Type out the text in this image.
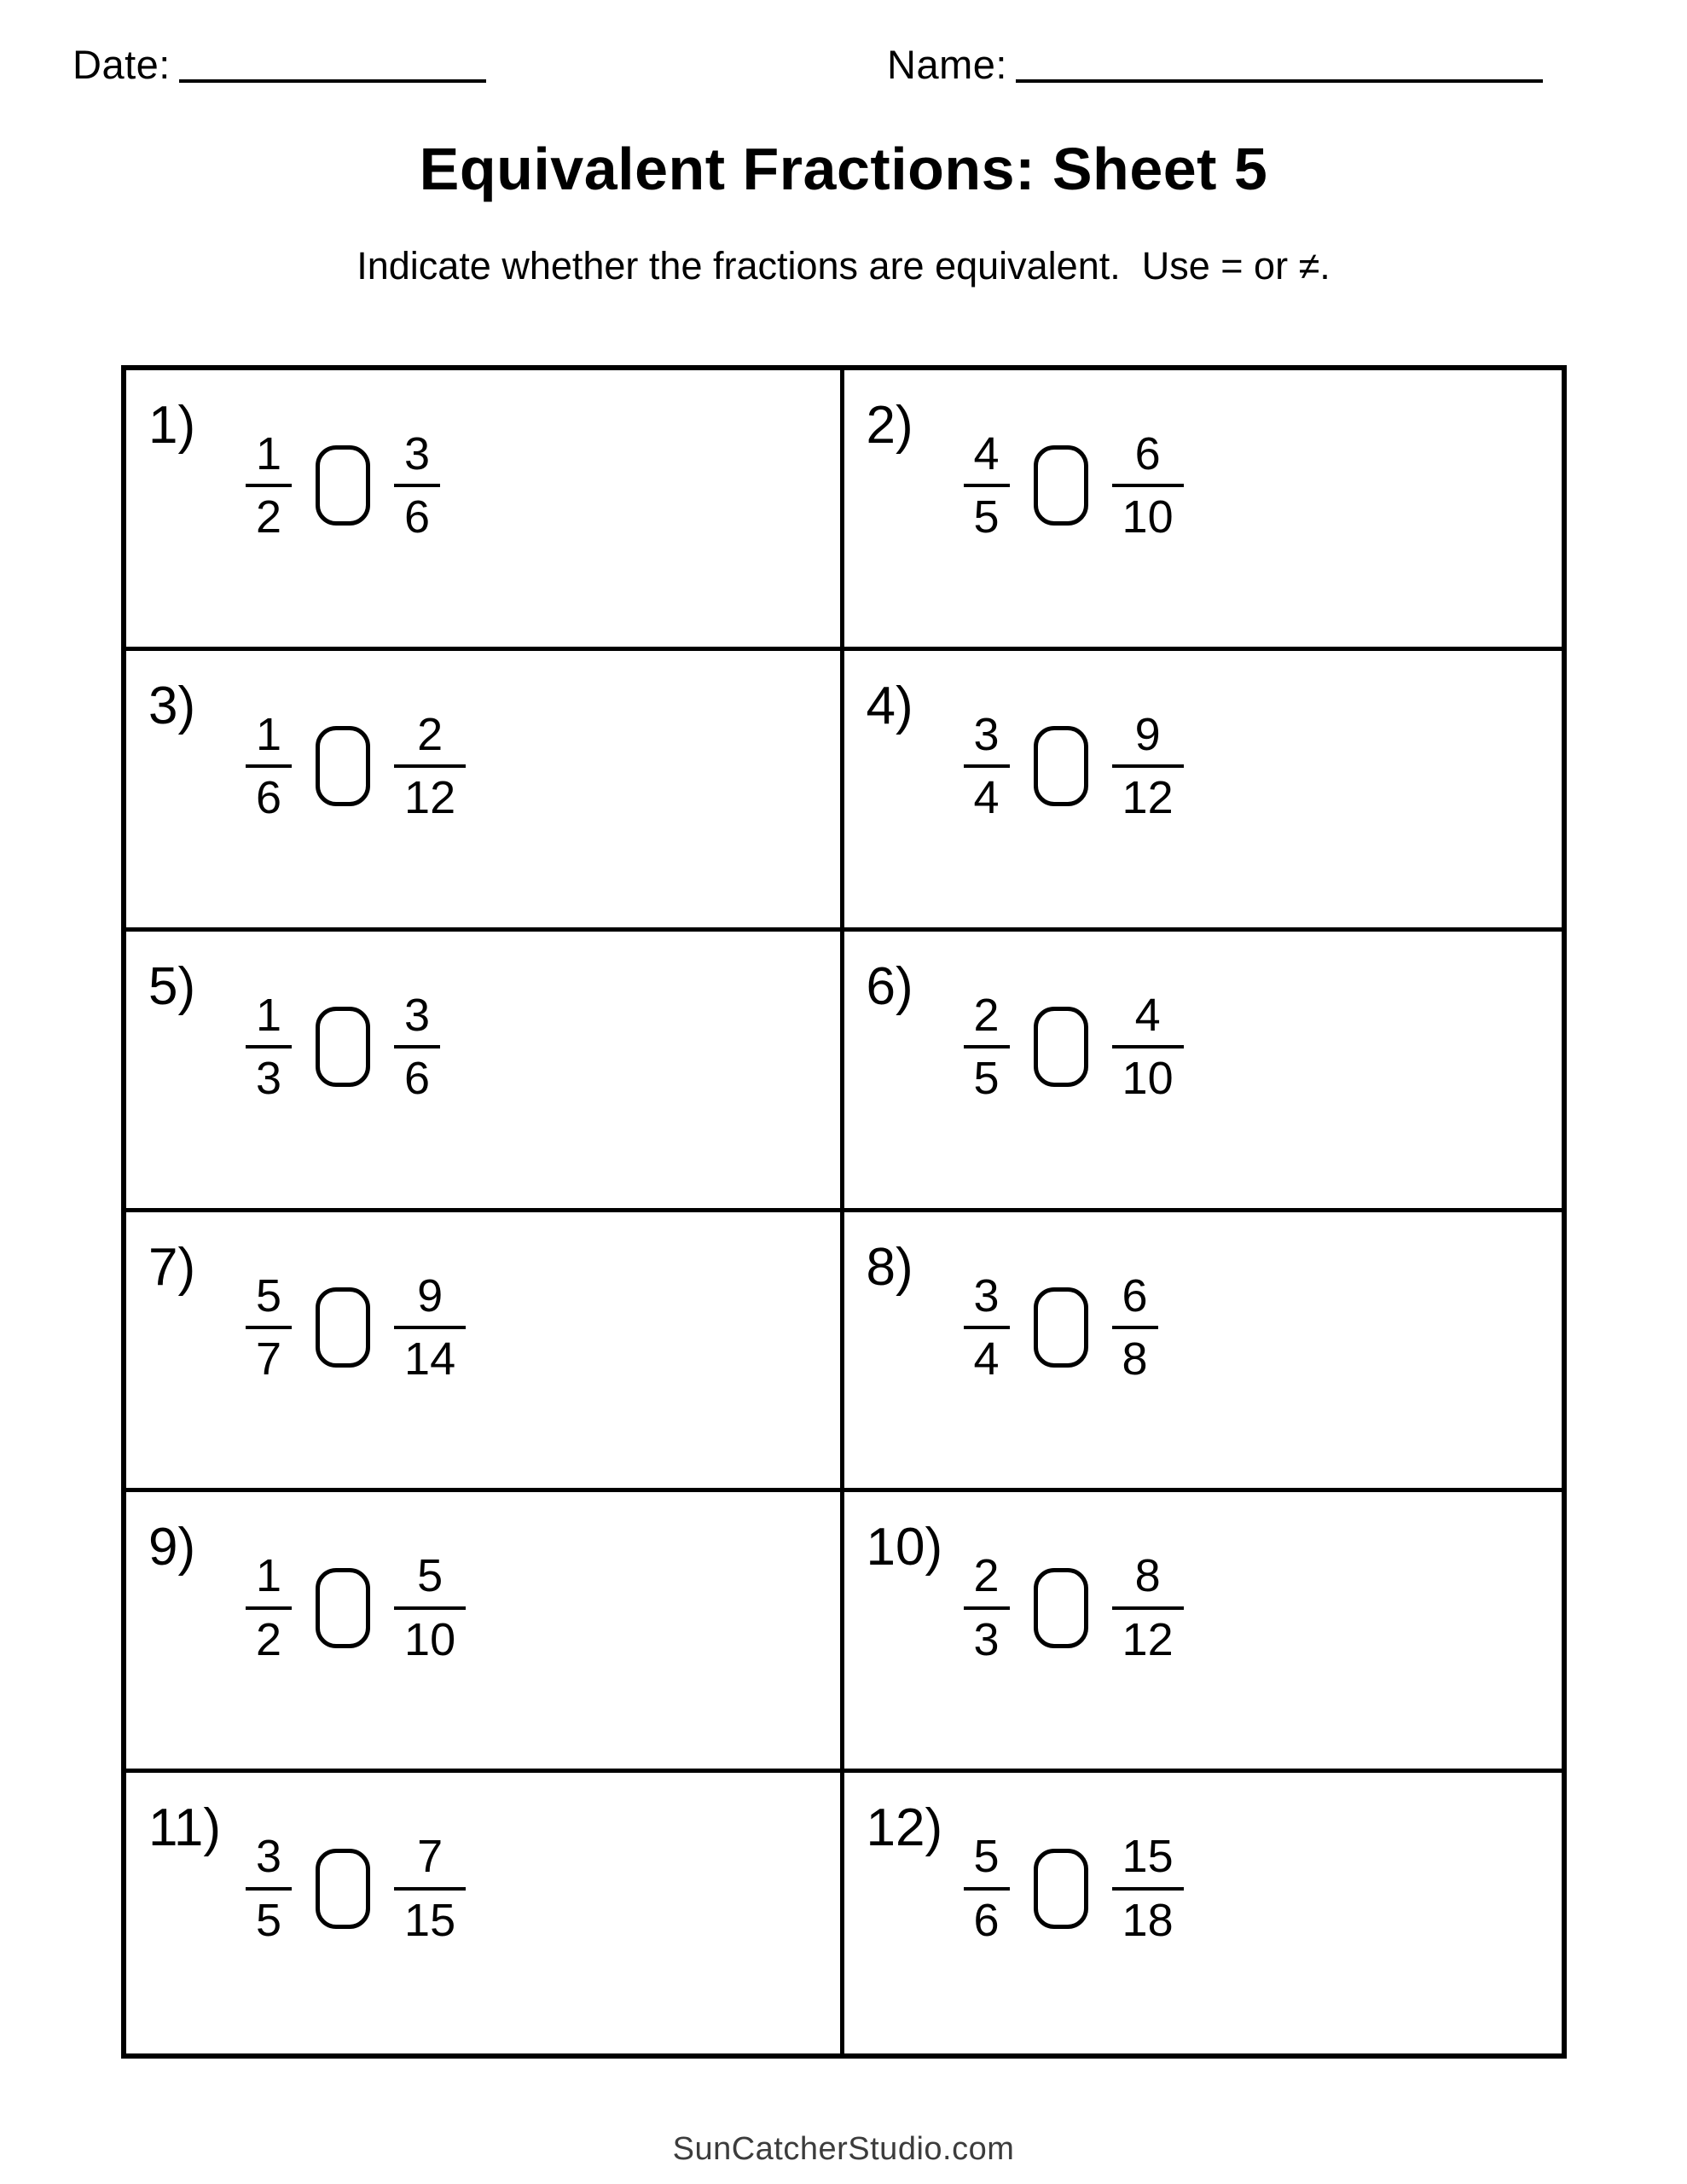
Date:	Name:
Equivalent Fractions: Sheet 5
Indicate whether the fractions are equivalent.  Use = or ≠.
1)
$\frac{1}{2} \frac{3}{6}$
2)
$\frac{4}{5} \frac{6}{10}$
3)
$\frac{1}{6} \frac{2}{12}$
4)
$\frac{3}{4} \frac{9}{12}$
5)
$\frac{1}{3} \frac{3}{6}$
6)
$\frac{2}{5} \frac{4}{10}$
7)
$\frac{5}{7} \frac{9}{14}$
8)
$\frac{3}{4} \frac{6}{8}$
9)
$\frac{1}{2} \frac{5}{10}$
10)
$\frac{2}{3} \frac{8}{12}$
11)
$\frac{3}{5} \frac{7}{15}$
12)
$\frac{5}{6} \frac{15}{18}$
SunCatcherStudio.com
